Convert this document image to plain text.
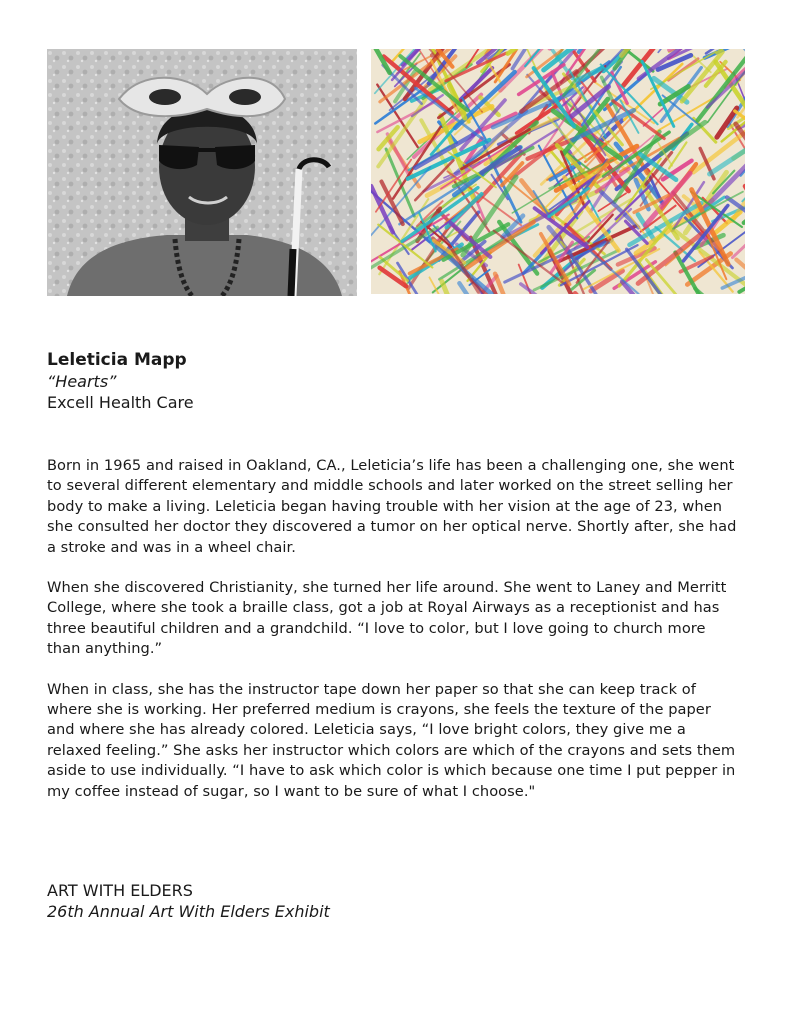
Leleticia Mapp

“Hearts”

Excell Health Care

Born in 1965 and raised in Oakland, CA., Leleticia’s life has been a challenging one, she went to several different elementary and middle schools and later worked on the street selling her body to make a living. Leleticia began having trouble with her vision at the age of 23, when she consulted her doctor they discovered a tumor on her optical nerve. Shortly after, she had a stroke and was in a wheel chair.

When she discovered Christianity, she turned her life around. She went to Laney and Merritt College, where she took a braille class, got a job at Royal Airways as a receptionist and has three beautiful children and a grandchild. “I love to color, but I love going to church more than anything.”

When in class, she has the instructor tape down her paper so that she can keep track of where she is working. Her preferred medium is crayons, she feels the texture of the paper and where she has already colored. Leleticia says, “I love bright colors, they give me a relaxed feeling.” She asks her instructor which colors are which of the crayons and sets them aside to use individually. “I have to ask which color is which because one time I put pepper in my coffee instead of sugar, so I want to be sure of what I choose."

ART WITH ELDERS

26th Annual Art With Elders Exhibit
